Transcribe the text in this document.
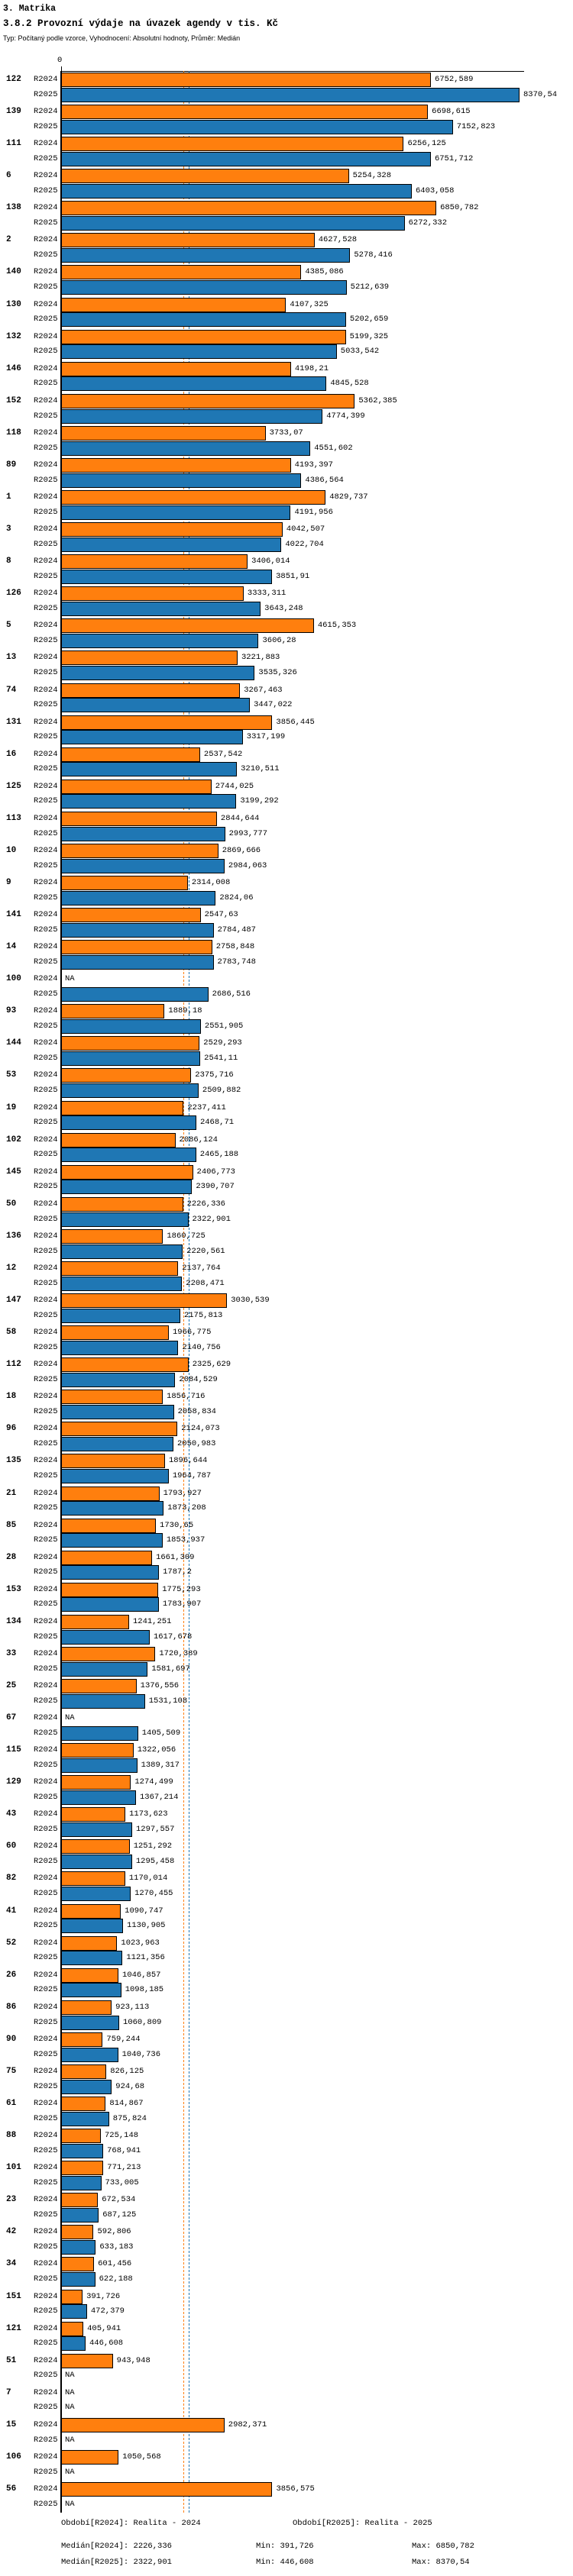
3. Matrika
3.8.2 Provozní výdaje na úvazek agendy v tis. Kč
Typ: Počítaný podle vzorce, Vyhodnocení: Absolutní hodnoty, Průměr: Medián
0
122 R2024	6752,589
R2025	8370,54
139 R2024	6698,615
R2025	7152,823
111 R2024	6256,125
R2025	6751,712
6	R2024	5254,328
R2025	6403,058
138 R2024	6850,782
R2025	6272,332
2	R2024	4627,528
R2025	5278,416
140 R2024	4385,086
R2025	5212,639
130 R2024	4107,325
R2025	5202,659
132 R2024	5199,325
R2025	5033,542
146 R2024	4198,21
R2025	4845,528
152 R2024	5362,385
R2025	4774,399
118 R2024	3733,07
R2025	4551,602
89 R2024	4193,397
R2025	4386,564
1	R2024	4829,737
R2025	4191,956
3	R2024	4042,507
R2025	4022,704
8	R2024	3406,014
R2025	3851,91
126 R2024	3333,311
R2025	3643,248
5	R2024	4615,353
R2025	3606,28
13 R2024	3221,883
R2025	3535,326
74 R2024	3267,463
R2025	3447,022
131 R2024	3856,445
R2025	3317,199
16 R2024	2537,542
R2025	3210,511
125 R2024	2744,025
R2025	3199,292
113 R2024	2844,644
R2025	2993,777
10 R2024	2869,666
R2025	2984,063
9	R2024	2314,008
R2025	2824,06
141 R2024	2547,63
R2025	2784,487
14 R2024	2758,848
R2025	2783,748
100 R2024 NA
R2025	2686,516
93 R2024	1889,18
R2025	2551,905
144 R2024	2529,293
R2025	2541,11
53 R2024	2375,716
R2025	2509,882
19 R2024	2237,411
R2025	2468,71
102 R2024	2086,124
R2025	2465,188
145 R2024	2406,773
R2025	2390,707
50 R2024	2226,336
R2025	2322,901
136 R2024	1860,725
R2025	2220,561
12 R2024	2137,764
R2025	2208,471
147 R2024	3030,539
R2025	2175,813
58 R2024	1966,775
R2025	2140,756
112 R2024	2325,629
R2025	2084,529
18 R2024	1856,716
R2025	2058,834
96 R2024	2124,073
R2025	2050,983
135 R2024	1896,644
R2025	1964,787
21 R2024	1793,927
R2025	1873,208
85 R2024	1730,65
R2025	1853,937
28 R2024	1661,309
R2025	1787,2
153 R2024	1775,293
R2025	1783,907
134 R2024	1241,251
R2025	1617,678
33 R2024	1720,389
R2025	1581,697
25 R2024	1376,556
R2025	1531,108
67 R2024 NA
R2025	1405,509
115 R2024	1322,056
R2025	1389,317
129 R2024	1274,499
R2025	1367,214
43 R2024	1173,623
R2025	1297,557
60 R2024	1251,292
R2025	1295,458
82 R2024	1170,014
R2025	1270,455
41 R2024	1090,747
R2025	1130,905
52 R2024	1023,963
R2025	1121,356
26 R2024	1046,857
R2025	1098,185
86 R2024	923,113
R2025	1060,809
90 R2024	759,244
R2025	1040,736
75 R2024	826,125
R2025	924,68
61 R2024	814,867
R2025	875,824
88 R2024	725,148
R2025	768,941
101 R2024	771,213
R2025	733,005
23 R2024	672,534
R2025	687,125
42 R2024	592,806
R2025	633,183
34 R2024	601,456
R2025	622,188
151 R2024	391,726
R2025	472,379
121 R2024	405,941
R2025	446,608
51 R2024	943,948
R2025 NA
7	R2024 NA
R2025 NA
15 R2024	2982,371
R2025 NA
106 R2024	1050,568
R2025 NA
56 R2024	3856,575
R2025 NA
Období[R2024]: Realita - 2024	Období[R2025]: Realita - 2025
Medián[R2024]: 2226,336	Min: 391,726	Max: 6850,782
Medián[R2025]: 2322,901	Min: 446,608	Max: 8370,54
